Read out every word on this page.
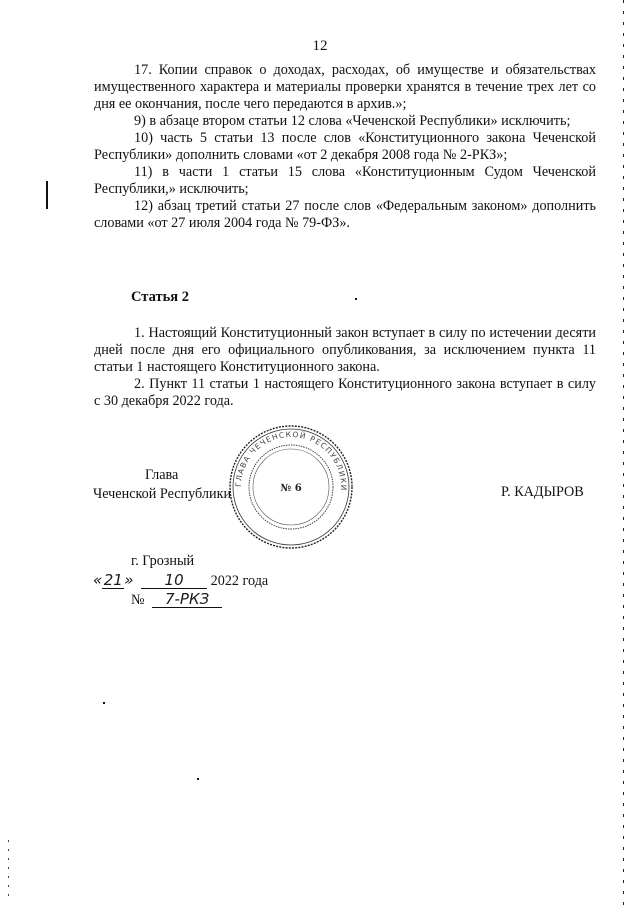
12

17. Копии справок о доходах, расходах, об имуществе и обязательствах имущественного характера и материалы проверки хранятся в течение трех лет со дня ее окончания, после чего передаются в архив.»;

9) в абзаце втором статьи 12 слова «Чеченской Республики» исключить;

10) часть 5 статьи 13 после слов «Конституционного закона Чеченской Республики» дополнить словами «от 2 декабря 2008 года № 2-РКЗ»;

11) в части 1 статьи 15 слова «Конституционным Судом Чеченской Республики,» исключить;

12) абзац третий статьи 27 после слов «Федеральным законом» дополнить словами «от 27 июля 2004 года № 79-ФЗ».

Статья 2

1. Настоящий Конституционный закон вступает в силу по истечении десяти дней после дня его официального опубликования, за исключением пункта 11 статьи 1 настоящего Конституционного закона.

2. Пункт 11 статьи 1 настоящего Конституционного закона вступает в силу с 30 декабря 2022 года.

ГЛАВА ЧЕЧЕНСКОЙ РЕСПУБЛИКИ
№ 6
Глава
Чеченской Республики	Р. КАДЫРОВ
г. Грозный
«21» 10 2022 года
№ 7-РКЗ
